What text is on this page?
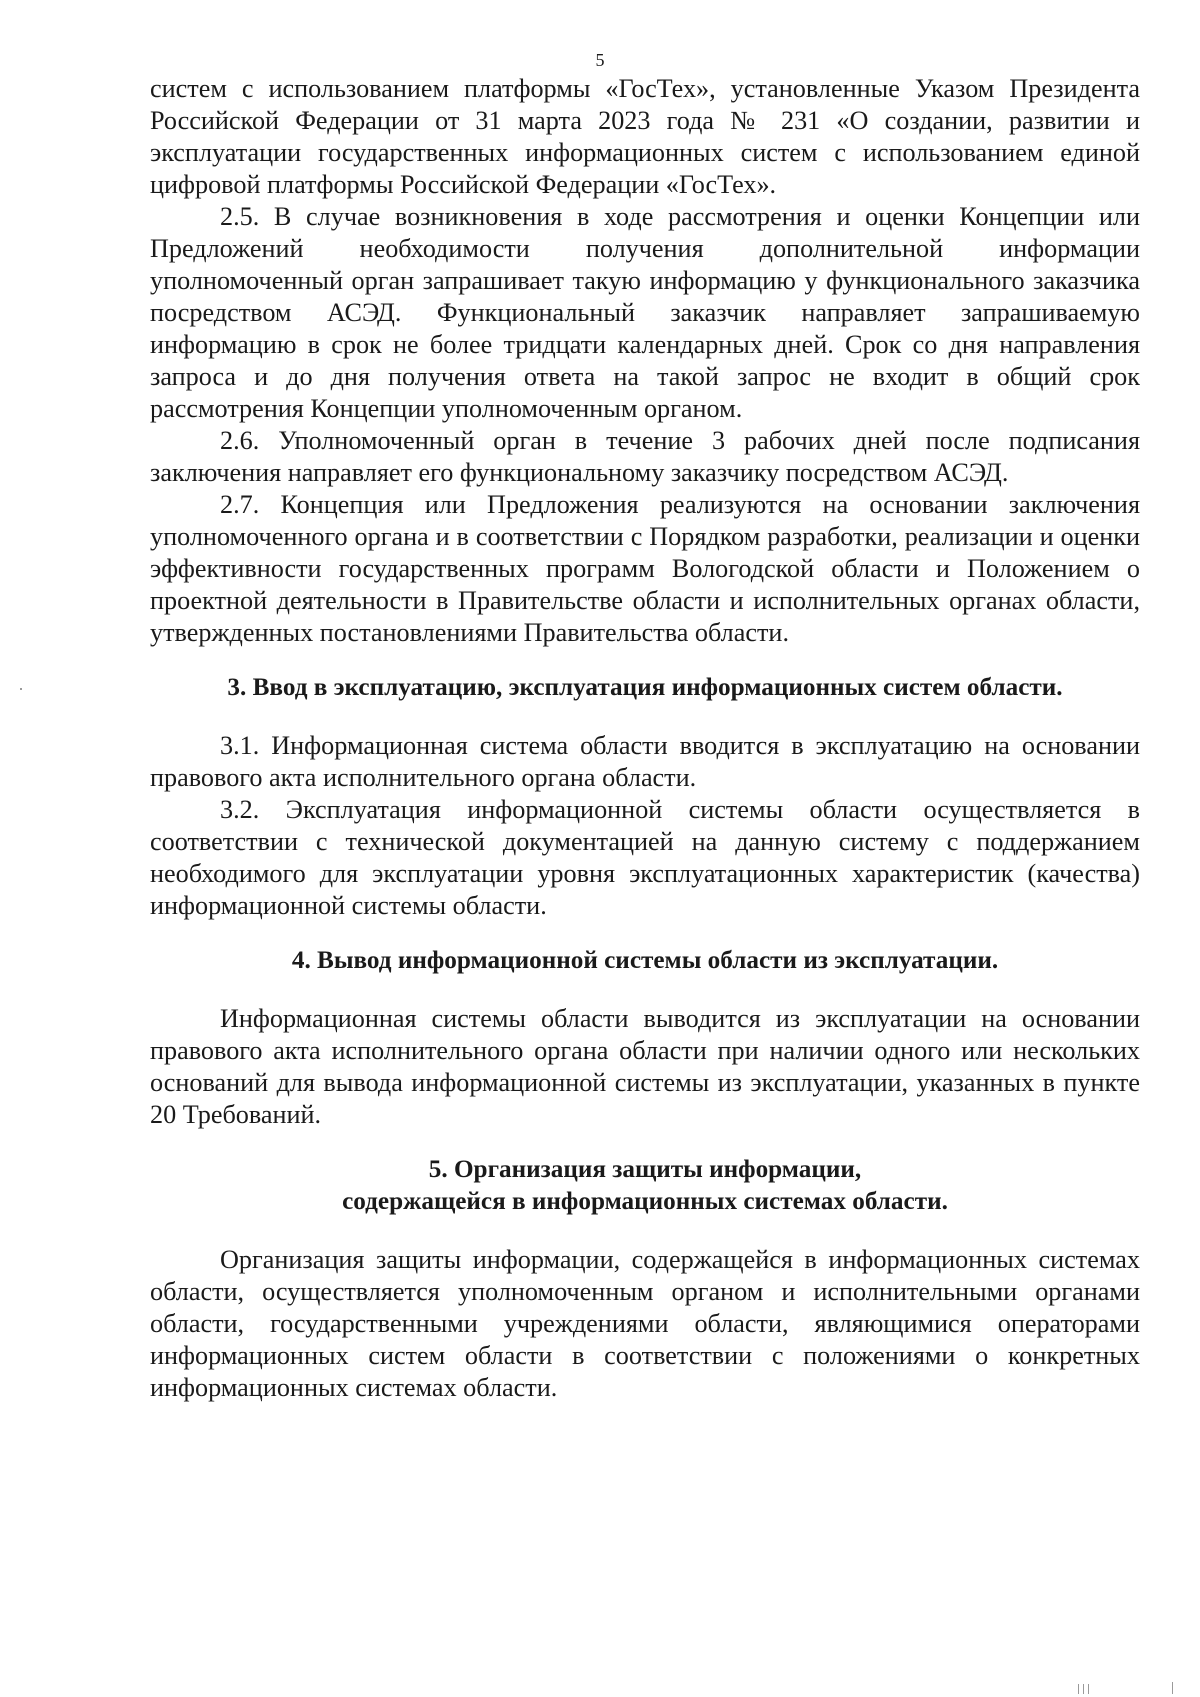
5

систем с использованием платформы «ГосТех», установленные Указом Президента Российской Федерации от 31 марта 2023 года № 231 «О создании, развитии и эксплуатации государственных информационных систем с использованием единой цифровой платформы Российской Федерации «ГосТех».

2.5. В случае возникновения в ходе рассмотрения и оценки Концепции или Предложений необходимости получения дополнительной информации уполномоченный орган запрашивает такую информацию у функционального заказчика посредством АСЭД. Функциональный заказчик направляет запрашиваемую информацию в срок не более тридцати календарных дней. Срок со дня направления запроса и до дня получения ответа на такой запрос не входит в общий срок рассмотрения Концепции уполномоченным органом.

2.6. Уполномоченный орган в течение 3 рабочих дней после подписания заключения направляет его функциональному заказчику посредством АСЭД.

2.7. Концепция или Предложения реализуются на основании заключения уполномоченного органа и в соответствии с Порядком разработки, реализации и оценки эффективности государственных программ Вологодской области и Положением о проектной деятельности в Правительстве области и исполнительных органах области, утвержденных постановлениями Правительства области.

3. Ввод в эксплуатацию, эксплуатация информационных систем области.

3.1. Информационная система области вводится в эксплуатацию на основании правового акта исполнительного органа области.

3.2. Эксплуатация информационной системы области осуществляется в соответствии с технической документацией на данную систему с поддержанием необходимого для эксплуатации уровня эксплуатационных характеристик (качества) информационной системы области.

4. Вывод информационной системы области из эксплуатации.

Информационная системы области выводится из эксплуатации на основании правового акта исполнительного органа области при наличии одного или нескольких оснований для вывода информационной системы из эксплуатации, указанных в пункте 20 Требований.

5. Организация защиты информации,
содержащейся в информационных системах области.

Организация защиты информации, содержащейся в информационных системах области, осуществляется уполномоченным органом и исполнительными органами области, государственными учреждениями области, являющимися операторами информационных систем области в соответствии с положениями о конкретных информационных системах области.
